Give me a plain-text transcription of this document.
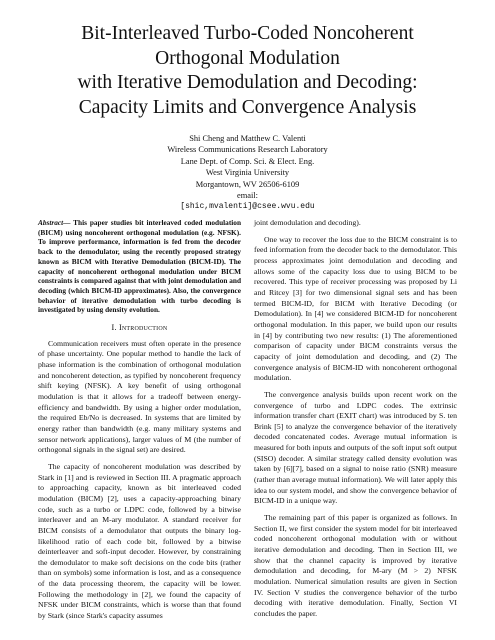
Bit-Interleaved Turbo-Coded Noncoherent
Orthogonal Modulation
with Iterative Demodulation and Decoding:
Capacity Limits and Convergence Analysis
Shi Cheng and Matthew C. Valenti
Wireless Communications Research Laboratory
Lane Dept. of Comp. Sci. & Elect. Eng.
West Virginia University
Morgantown, WV 26506-6109
email:
[shic,mvalenti]@csee.wvu.edu

Abstract— This paper studies bit interleaved coded modulation (BICM) using noncoherent orthogonal modulation (e.g. NFSK). To improve performance, information is fed from the decoder back to the demodulator, using the recently proposed strategy known as BICM with Iterative Demodulation (BICM-ID). The capacity of noncoherent orthogonal modulation under BICM constraints is compared against that with joint demodulation and decoding (which BICM-ID approximates). Also, the convergence behavior of iterative demodulation with turbo decoding is investigated by using density evolution.

I. Introduction

Communication receivers must often operate in the presence of phase uncertainty. One popular method to handle the lack of phase information is the combination of orthogonal modulation and noncoherent detection, as typified by noncoherent frequency shift keying (NFSK). A key benefit of using orthogonal modulation is that it allows for a tradeoff between energy-efficiency and bandwidth. By using a higher order modulation, the required Eb/No is decreased. In systems that are limited by energy rather than bandwidth (e.g. many military systems and sensor network applications), larger values of M (the number of orthogonal signals in the signal set) are desired.

The capacity of noncoherent modulation was described by Stark in [1] and is reviewed in Section III. A pragmatic approach to approaching capacity, known as bit interleaved coded modulation (BICM) [2], uses a capacity-approaching binary code, such as a turbo or LDPC code, followed by a bitwise interleaver and an M-ary modulator. A standard receiver for BICM consists of a demodulator that outputs the binary log-likelihood ratio of each code bit, followed by a bitwise deinterleaver and soft-input decoder. However, by constraining the demodulator to make soft decisions on the code bits (rather than on symbols) some information is lost, and as a consequence of the data processing theorem, the capacity will be lower. Following the methodology in [2], we found the capacity of NFSK under BICM constraints, which is worse than that found by Stark (since Stark's capacity assumes

joint demodulation and decoding).

One way to recover the loss due to the BICM constraint is to feed information from the decoder back to the demodulator. This process approximates joint demodulation and decoding and allows some of the capacity loss due to using BICM to be recovered. This type of receiver processing was proposed by Li and Ritcey [3] for two dimensional signal sets and has been termed BICM-ID, for BICM with Iterative Decoding (or Demodulation). In [4] we considered BICM-ID for noncoherent orthogonal modulation. In this paper, we build upon our results in [4] by contributing two new results: (1) The aforementioned comparison of capacity under BICM constraints versus the capacity of joint demodulation and decoding, and (2) The convergence analysis of BICM-ID with noncoherent orthogonal modulation.

The convergence analysis builds upon recent work on the convergence of turbo and LDPC codes. The extrinsic information transfer chart (EXIT chart) was introduced by S. ten Brink [5] to analyze the convergence behavior of the iteratively decoded concatenated codes. Average mutual information is measured for both inputs and outputs of the soft input soft output (SISO) decoder. A similar strategy called density evolution was taken by [6][7], based on a signal to noise ratio (SNR) measure (rather than average mutual information). We will later apply this idea to our system model, and show the convergence behavior of BICM-ID in a unique way.

The remaining part of this paper is organized as follows. In Section II, we first consider the system model for bit interleaved coded noncoherent orthogonal modulation with or without iterative demodulation and decoding. Then in Section III, we show that the channel capacity is improved by iterative demodulation and decoding, for M-ary (M > 2) NFSK modulation. Numerical simulation results are given in Section IV. Section V studies the convergence behavior of the turbo decoding with iterative demodulation. Finally, Section VI concludes the paper.
